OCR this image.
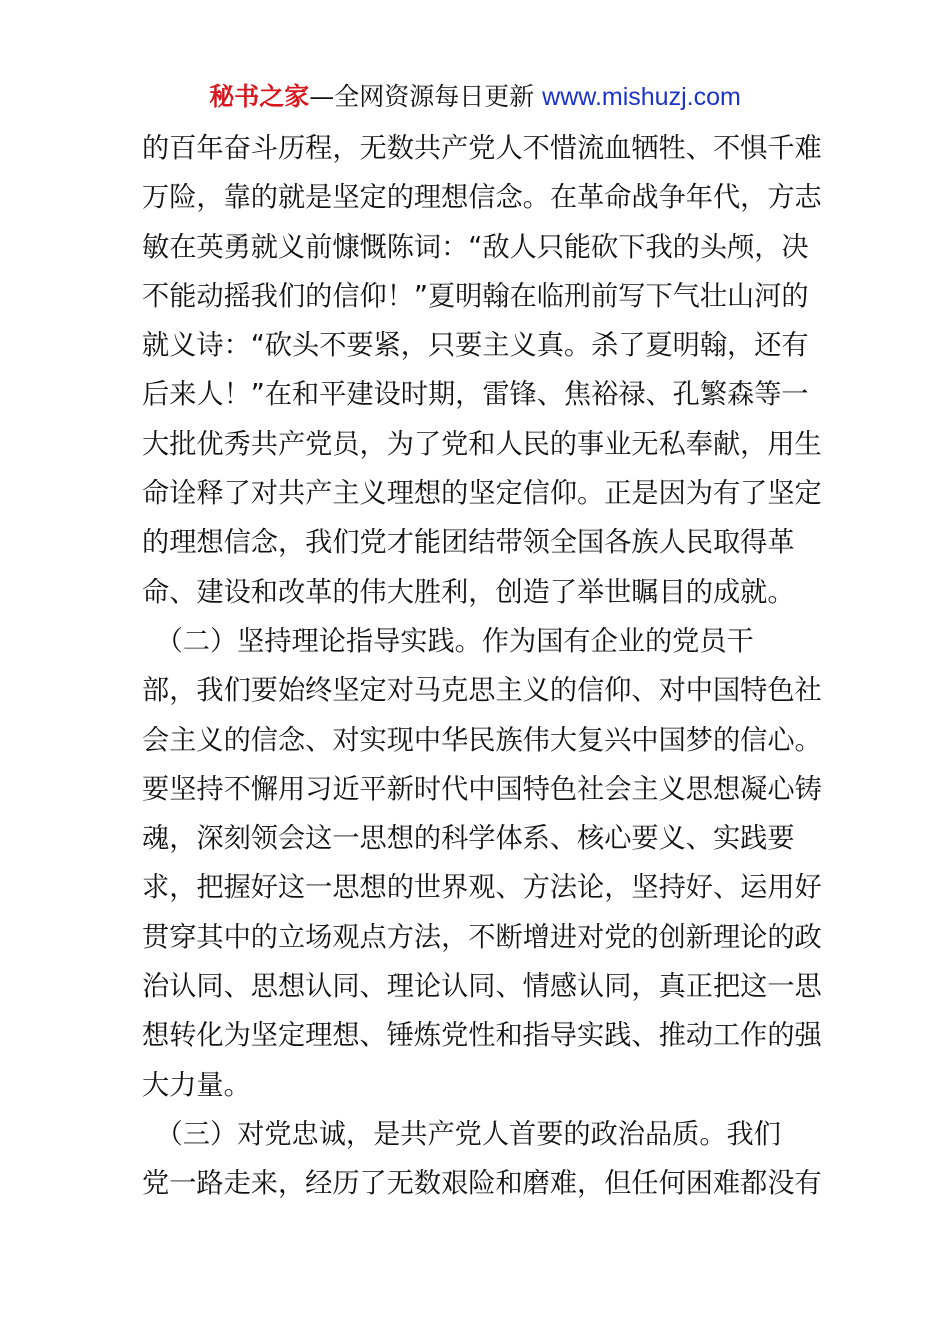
秘书之家—全网资源每日更新 www.mishuzj.com
的百年奋斗历程，无数共产党人不惜流血牺牲、不惧千难
万险，靠的就是坚定的理想信念。在革命战争年代，方志
敏在英勇就义前慷慨陈词：“敌人只能砍下我的头颅，决
不能动摇我们的信仰！”夏明翰在临刑前写下气壮山河的
就义诗：“砍头不要紧，只要主义真。杀了夏明翰，还有
后来人！”在和平建设时期，雷锋、焦裕禄、孔繁森等一
大批优秀共产党员，为了党和人民的事业无私奉献，用生
命诠释了对共产主义理想的坚定信仰。正是因为有了坚定
的理想信念，我们党才能团结带领全国各族人民取得革
命、建设和改革的伟大胜利，创造了举世瞩目的成就。
　（二）坚持理论指导实践。作为国有企业的党员干
部，我们要始终坚定对马克思主义的信仰、对中国特色社
会主义的信念、对实现中华民族伟大复兴中国梦的信心。
要坚持不懈用习近平新时代中国特色社会主义思想凝心铸
魂，深刻领会这一思想的科学体系、核心要义、实践要
求，把握好这一思想的世界观、方法论，坚持好、运用好
贯穿其中的立场观点方法，不断增进对党的创新理论的政
治认同、思想认同、理论认同、情感认同，真正把这一思
想转化为坚定理想、锤炼党性和指导实践、推动工作的强
大力量。
　（三）对党忠诚，是共产党人首要的政治品质。我们
党一路走来，经历了无数艰险和磨难，但任何困难都没有
